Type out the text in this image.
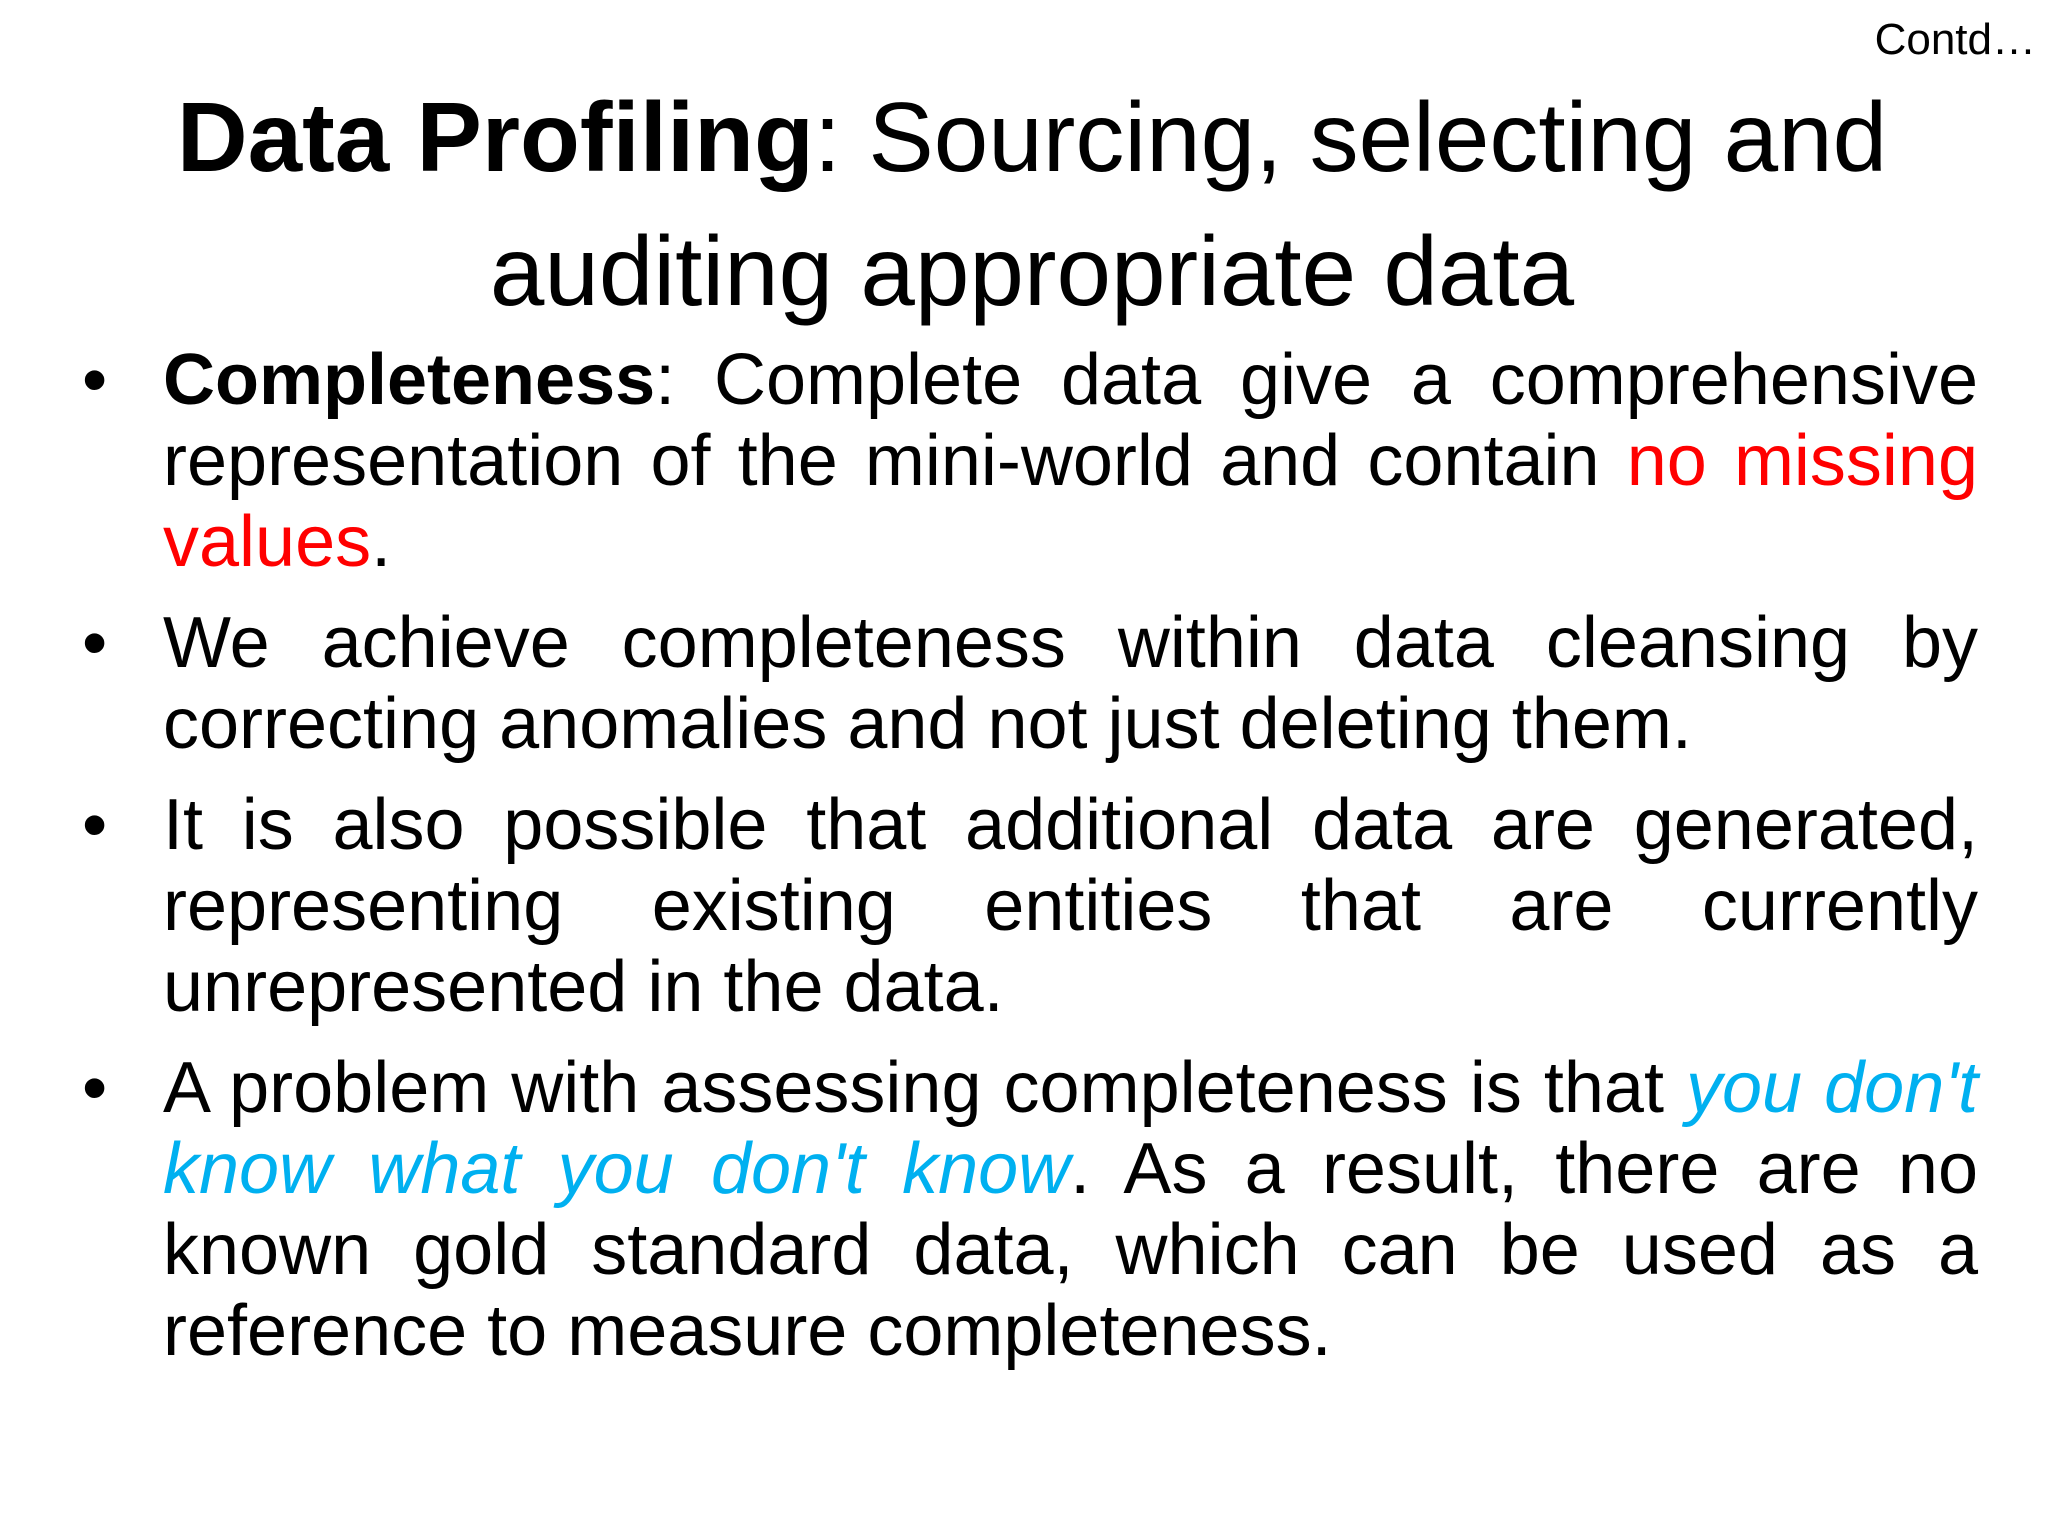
Contd…
Data Profiling: Sourcing, selecting and auditing appropriate data
• Completeness: Complete data give a comprehensive representation of the mini-world and contain no missing values.
• We achieve completeness within data cleansing by correcting anomalies and not just deleting them.
• It is also possible that additional data are generated, representing existing entities that are currently unrepresented in the data.
• A problem with assessing completeness is that you don't know what you don't know. As a result, there are no known gold standard data, which can be used as a reference to measure completeness.
